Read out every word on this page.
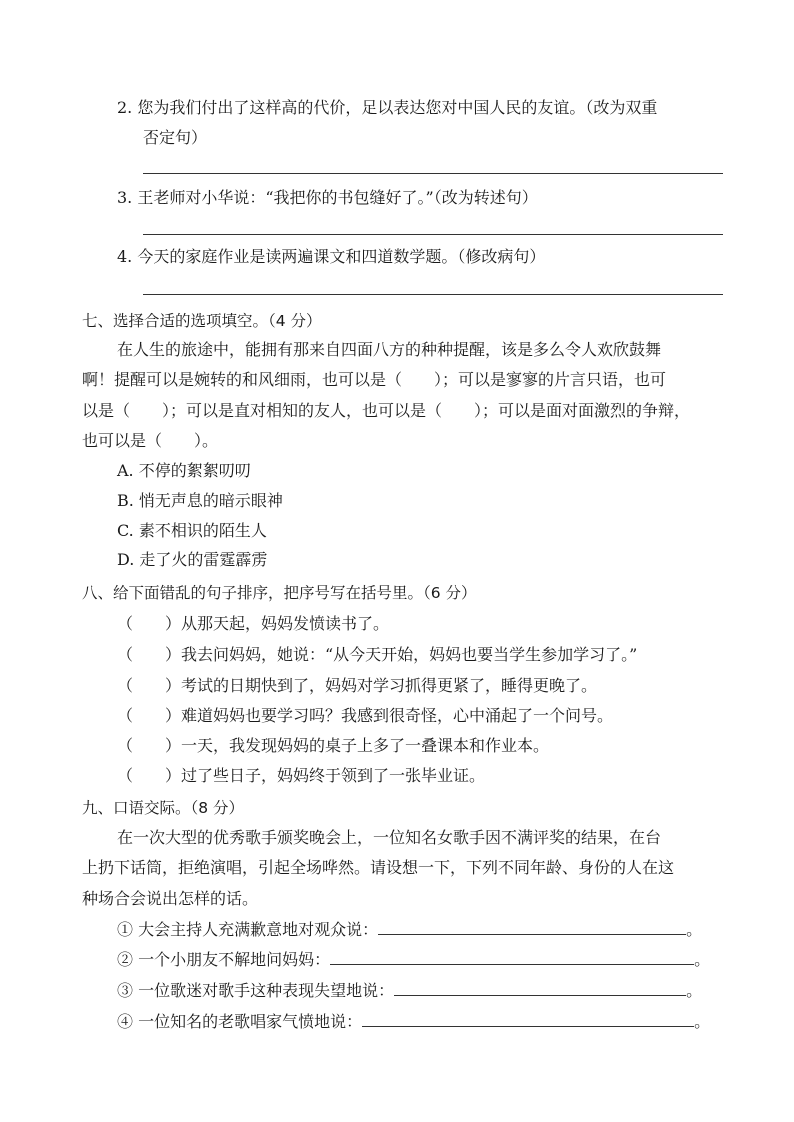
2. 您为我们付出了这样高的代价，足以表达您对中国人民的友谊。（改为双重
否定句）
3. 王老师对小华说：“我把你的书包缝好了。”（改为转述句）
4. 今天的家庭作业是读两遍课文和四道数学题。（修改病句）
七、选择合适的选项填空。（4 分）
在人生的旅途中，能拥有那来自四面八方的种种提醒，该是多么令人欢欣鼓舞
啊！提醒可以是婉转的和风细雨，也可以是（　　）；可以是寥寥的片言只语，也可
以是（　　）；可以是直对相知的友人，也可以是（　　）；可以是面对面激烈的争辩，
也可以是（　　）。
A. 不停的絮絮叨叨
B. 悄无声息的暗示眼神
C. 素不相识的陌生人
D. 走了火的雷霆霹雳
八、给下面错乱的句子排序，把序号写在括号里。（6 分）
（　　）从那天起，妈妈发愤读书了。
（　　）我去问妈妈，她说：“从今天开始，妈妈也要当学生参加学习了。”
（　　）考试的日期快到了，妈妈对学习抓得更紧了，睡得更晚了。
（　　）难道妈妈也要学习吗？我感到很奇怪，心中涌起了一个问号。
（　　）一天，我发现妈妈的桌子上多了一叠课本和作业本。
（　　）过了些日子，妈妈终于领到了一张毕业证。
九、口语交际。（8 分）
在一次大型的优秀歌手颁奖晚会上，一位知名女歌手因不满评奖的结果，在台
上扔下话筒，拒绝演唱，引起全场哗然。请设想一下，下列不同年龄、身份的人在这
种场合会说出怎样的话。
① 大会主持人充满歉意地对观众说：	。
② 一个小朋友不解地问妈妈：	。
③ 一位歌迷对歌手这种表现失望地说：	。
④ 一位知名的老歌唱家气愤地说：	。
